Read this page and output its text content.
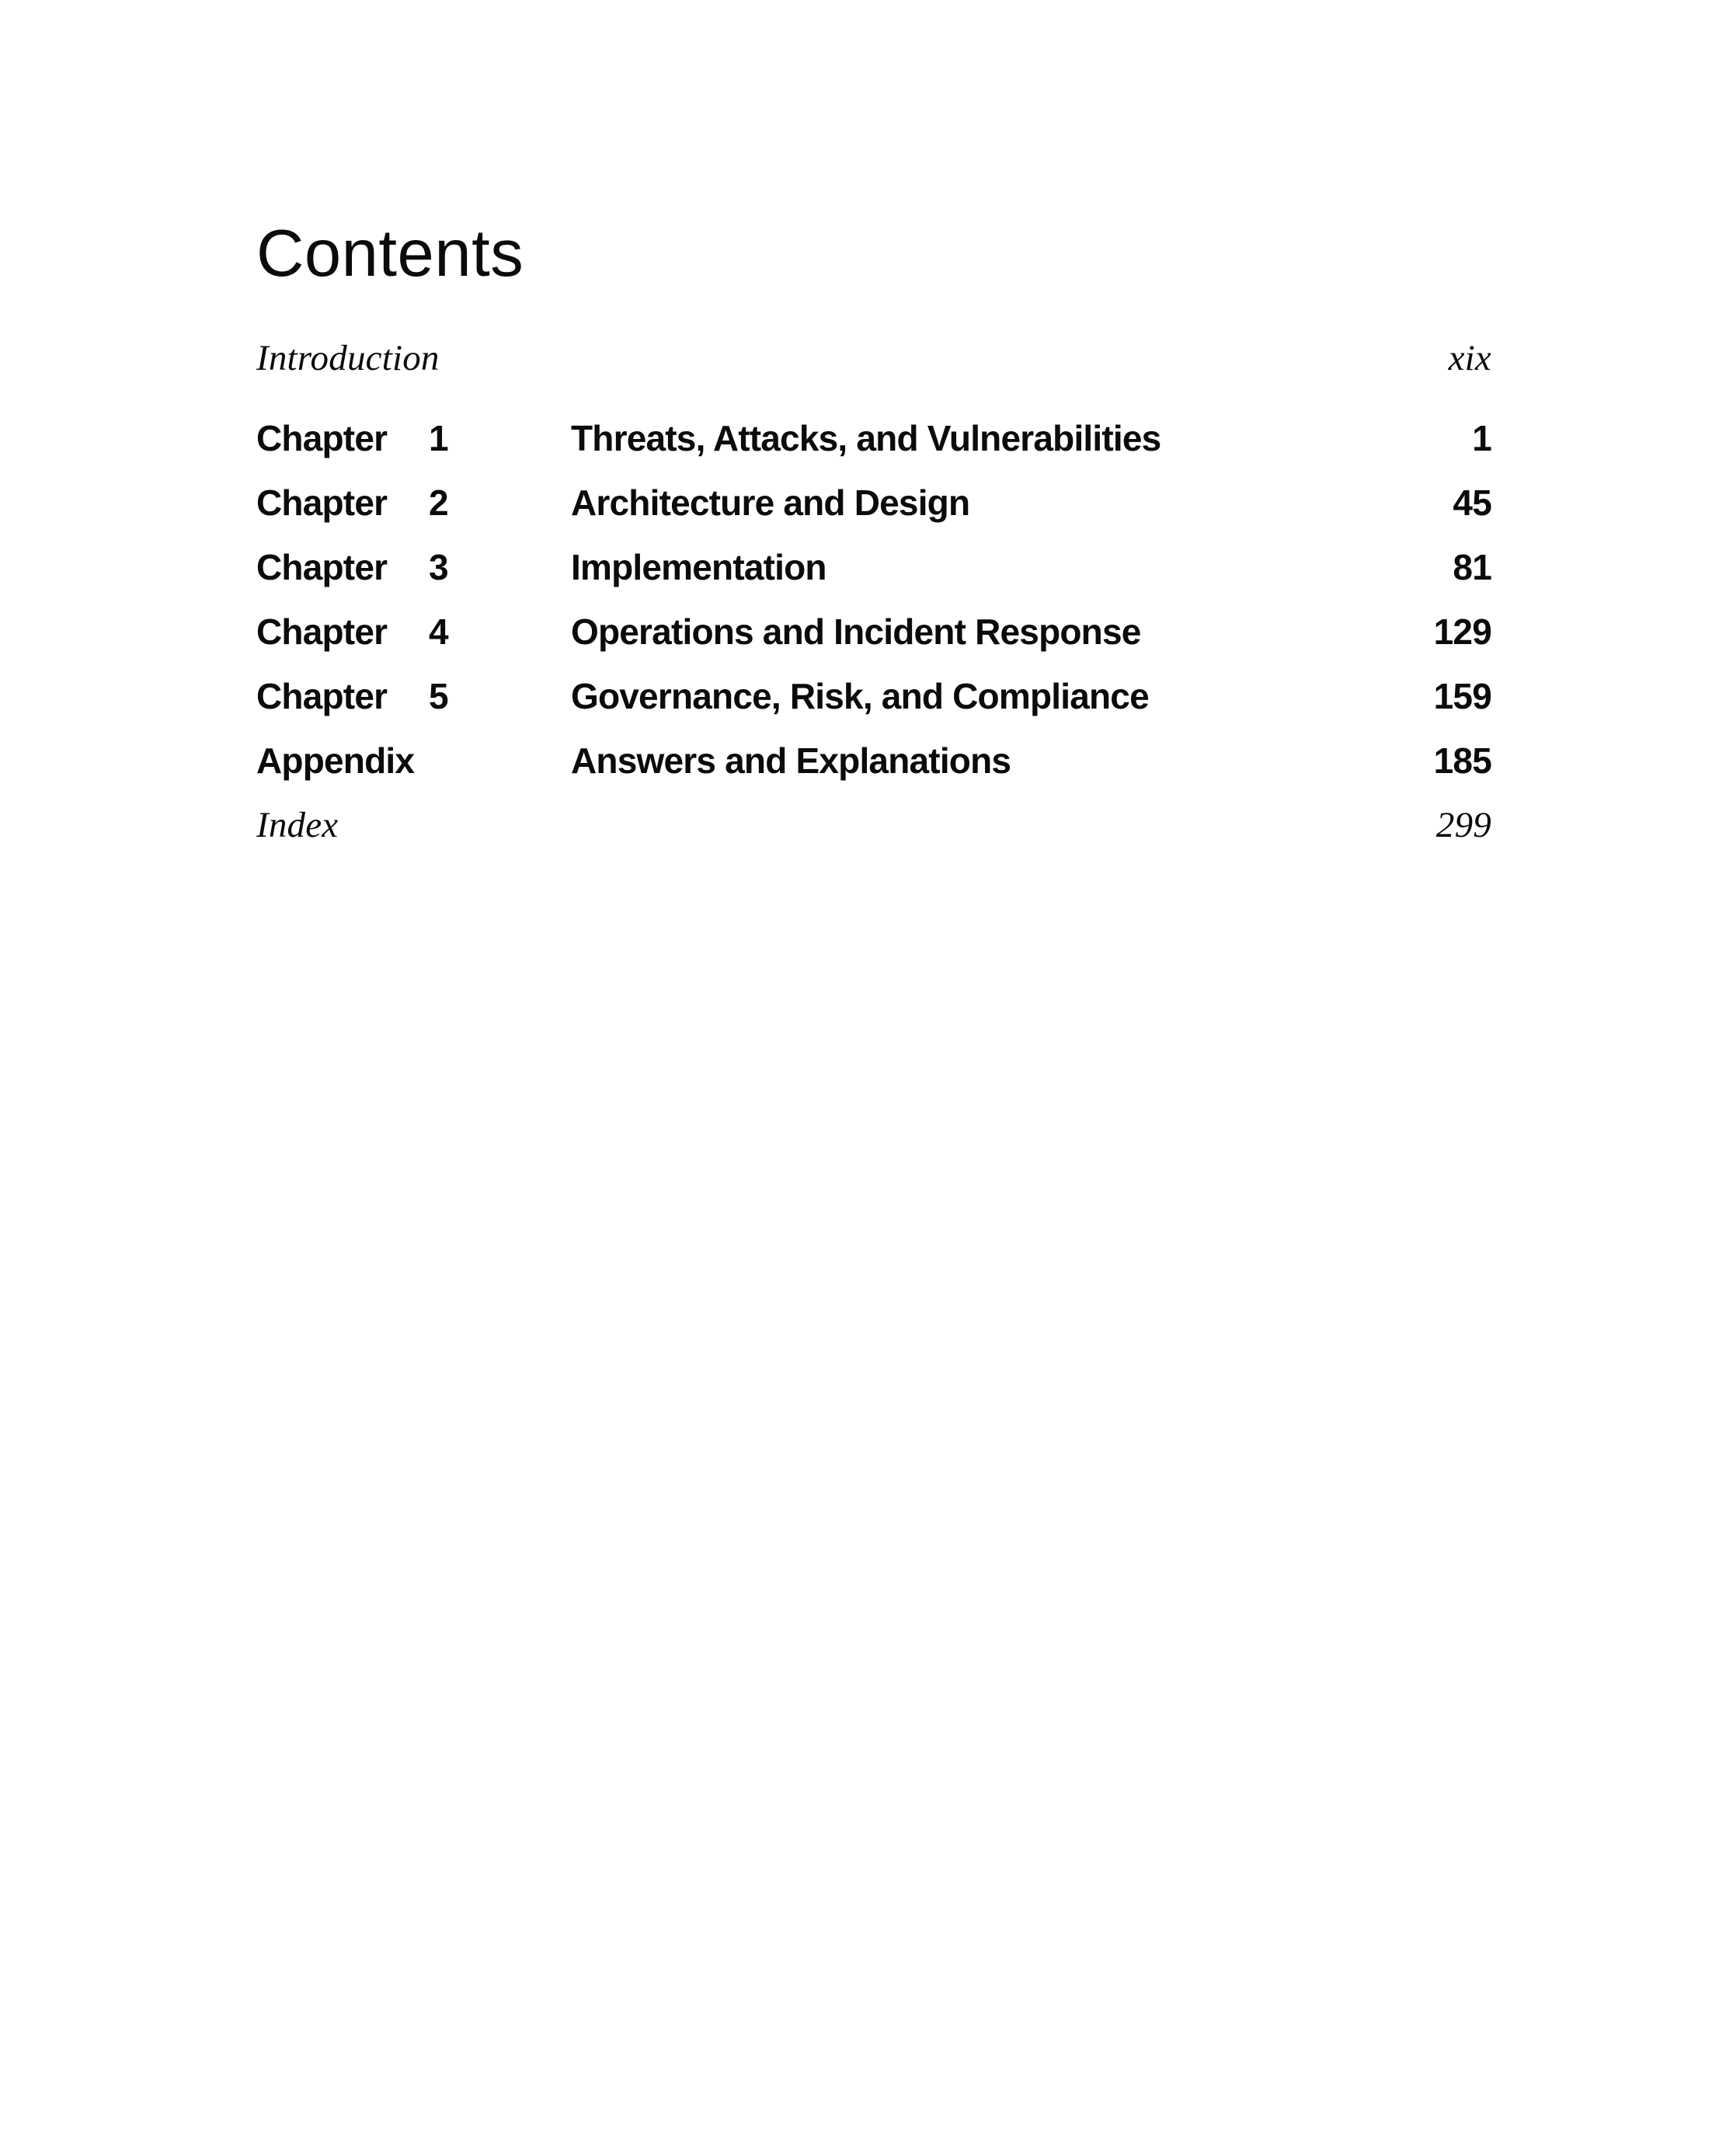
Contents
Introduction	xix
Chapter	1	Threats, Attacks, and Vulnerabilities	1
Chapter	2	Architecture and Design	45
Chapter	3	Implementation	81
Chapter	4	Operations and Incident Response	129
Chapter	5	Governance, Risk, and Compliance	159
Appendix	Answers and Explanations	185
Index	299
